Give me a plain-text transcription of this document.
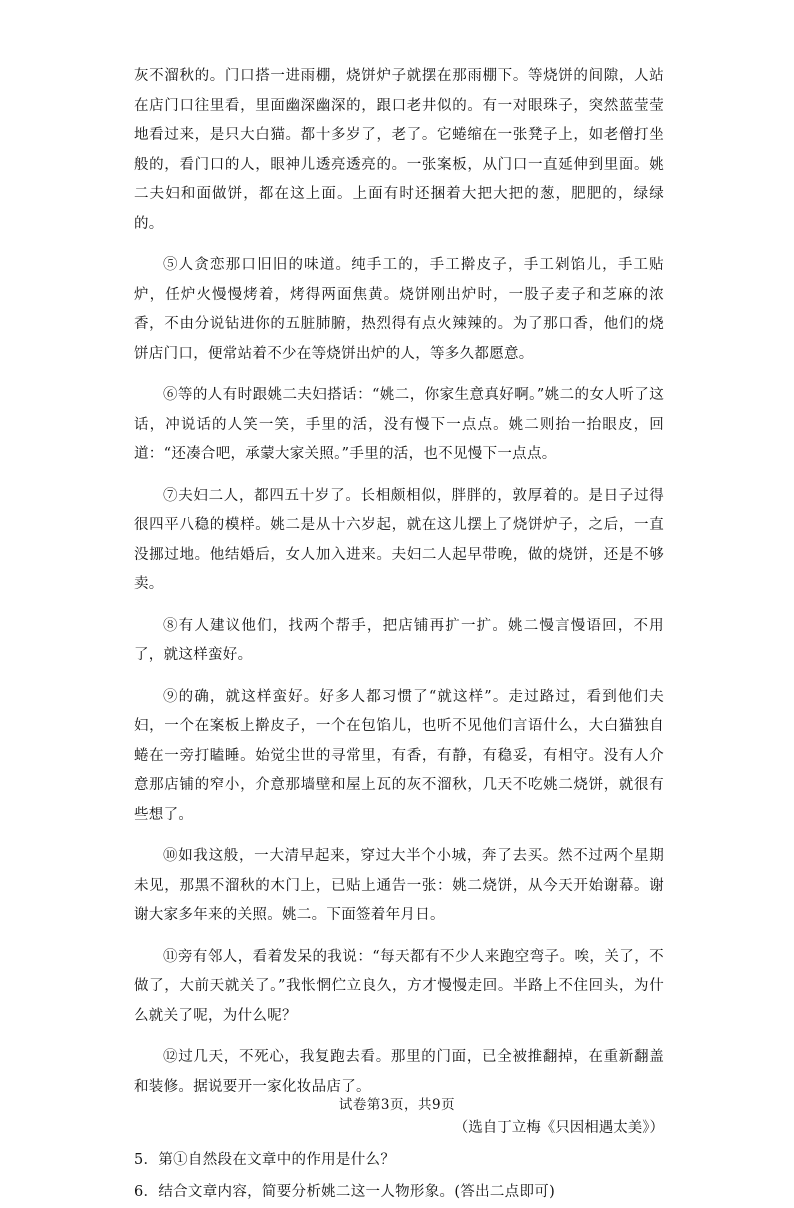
灰不溜秋的。门口搭一进雨棚，烧饼炉子就摆在那雨棚下。等烧饼的间隙，人站在店门口往里看，里面幽深幽深的，跟口老井似的。有一对眼珠子，突然蓝莹莹地看过来，是只大白猫。都十多岁了，老了。它蜷缩在一张凳子上，如老僧打坐般的，看门口的人，眼神儿透亮透亮的。一张案板，从门口一直延伸到里面。姚二夫妇和面做饼，都在这上面。上面有时还捆着大把大把的葱，肥肥的，绿绿的。

⑤人贪恋那口旧旧的味道。纯手工的，手工擀皮子，手工剁馅儿，手工贴炉，任炉火慢慢烤着，烤得两面焦黄。烧饼刚出炉时，一股子麦子和芝麻的浓香，不由分说钻进你的五脏肺腑，热烈得有点火辣辣的。为了那口香，他们的烧饼店门口，便常站着不少在等烧饼出炉的人，等多久都愿意。

⑥等的人有时跟姚二夫妇搭话：“姚二，你家生意真好啊。”姚二的女人听了这话，冲说话的人笑一笑，手里的活，没有慢下一点点。姚二则抬一抬眼皮，回道：“还凑合吧，承蒙大家关照。”手里的活，也不见慢下一点点。

⑦夫妇二人，都四五十岁了。长相颇相似，胖胖的，敦厚着的。是日子过得很四平八稳的模样。姚二是从十六岁起，就在这儿摆上了烧饼炉子，之后，一直没挪过地。他结婚后，女人加入进来。夫妇二人起早带晚，做的烧饼，还是不够卖。

⑧有人建议他们，找两个帮手，把店铺再扩一扩。姚二慢言慢语回，不用了，就这样蛮好。

⑨的确，就这样蛮好。好多人都习惯了“就这样”。走过路过，看到他们夫妇，一个在案板上擀皮子，一个在包馅儿，也听不见他们言语什么，大白猫独自蜷在一旁打瞌睡。始觉尘世的寻常里，有香，有静，有稳妥，有相守。没有人介意那店铺的窄小，介意那墙壁和屋上瓦的灰不溜秋，几天不吃姚二烧饼，就很有些想了。

⑩如我这般，一大清早起来，穿过大半个小城，奔了去买。然不过两个星期未见，那黑不溜秋的木门上，已贴上通告一张：姚二烧饼，从今天开始谢幕。谢谢大家多年来的关照。姚二。下面签着年月日。

⑪旁有邻人，看着发呆的我说：“每天都有不少人来跑空弯子。唉，关了，不做了，大前天就关了。”我怅惘伫立良久，方才慢慢走回。半路上不住回头，为什么就关了呢，为什么呢？

⑫过几天，不死心，我复跑去看。那里的门面，已全被推翻掉，在重新翻盖和装修。据说要开一家化妆品店了。

（选自丁立梅《只因相遇太美》）

5．第①自然段在文章中的作用是什么？

6．结合文章内容，简要分析姚二这一人物形象。(答出二点即可)

试卷第3页，共9页
